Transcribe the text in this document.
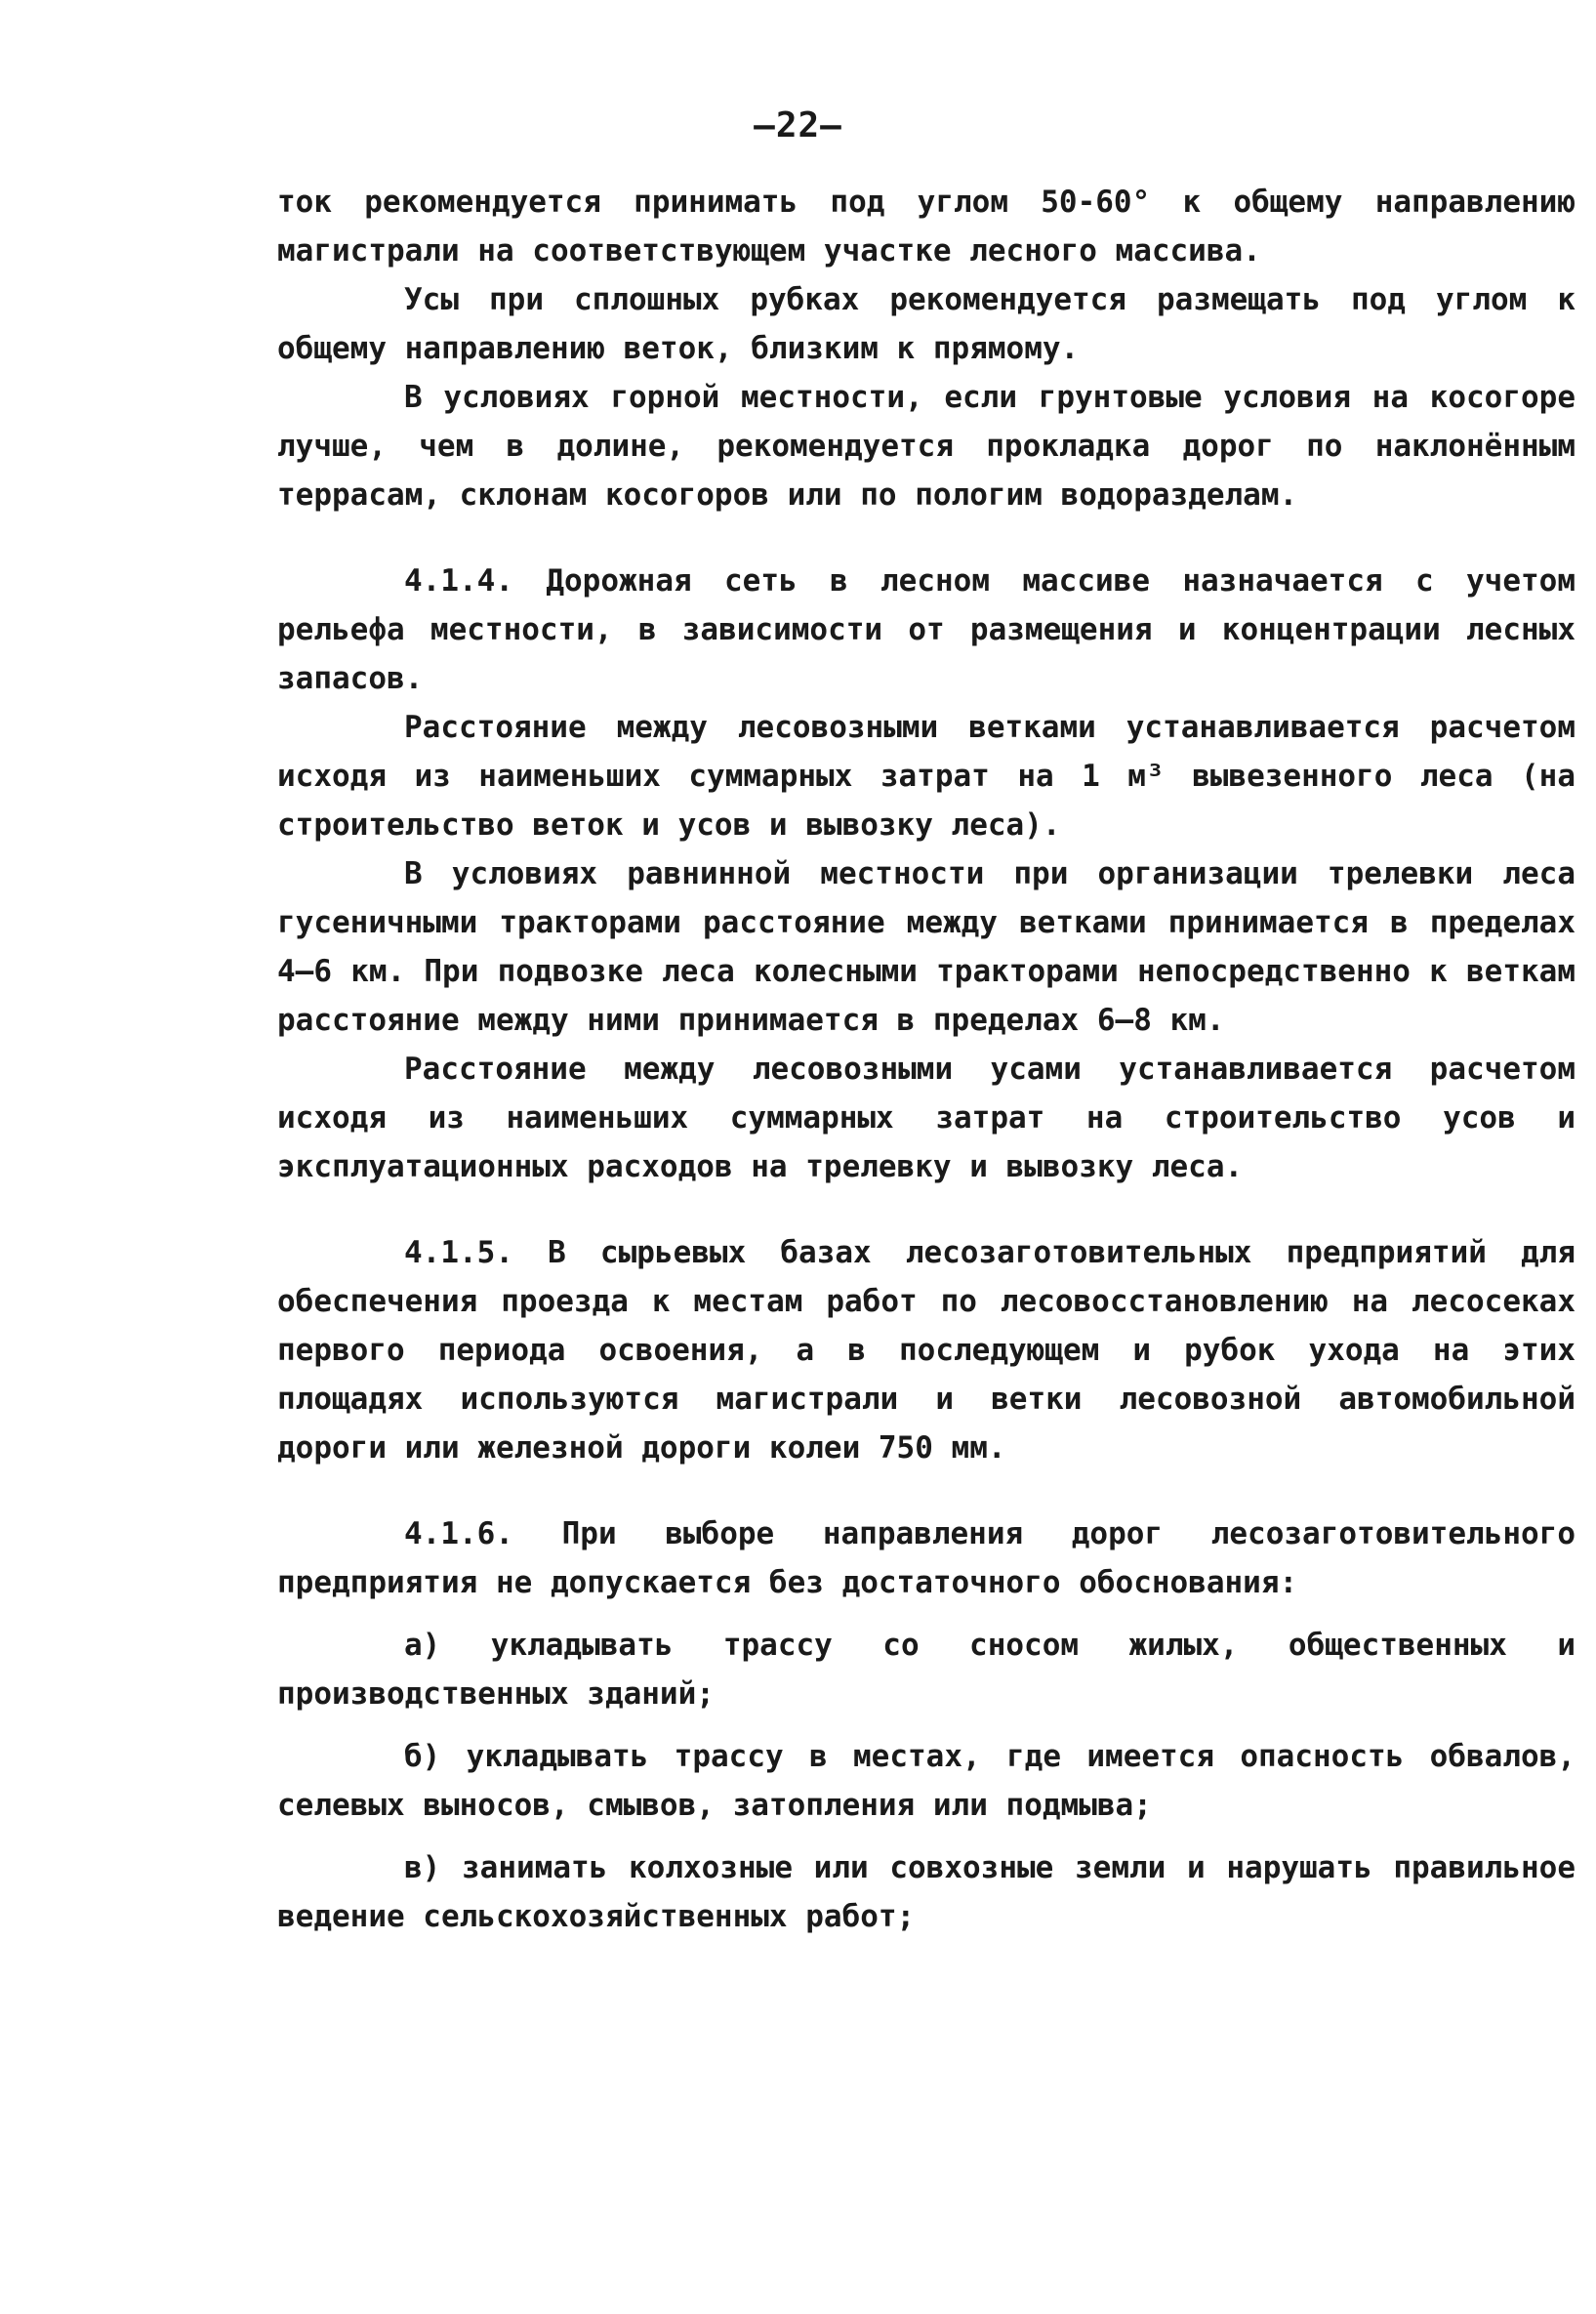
—22—

ток рекомендуется принимать под углом 50-60° к общему направлению магистрали на соответствующем участке лесного массива.

Усы при сплошных рубках рекомендуется размещать под углом к общему направлению веток, близким к прямому.

В условиях горной местности, если грунтовые условия на косогоре лучше, чем в долине, рекомендуется прокладка дорог по наклонённым террасам, склонам косогоров или по пологим водоразделам.

4.1.4. Дорожная сеть в лесном массиве назначается с учетом рельефа местности, в зависимости от размещения и концентрации лесных запасов.

Расстояние между лесовозными ветками устанавливается расчетом исходя из наименьших суммарных затрат на 1 м³ вывезенного леса (на строительство веток и усов и вывозку леса).

В условиях равнинной местности при организации трелевки леса гусеничными тракторами расстояние между ветками принимается в пределах 4–6 км. При подвозке леса колесными тракторами непосредственно к веткам расстояние между ними принимается в пределах 6–8 км.

Расстояние между лесовозными усами устанавливается расчетом исходя из наименьших суммарных затрат на строительство усов и эксплуатационных расходов на трелевку и вывозку леса.

4.1.5. В сырьевых базах лесозаготовительных предприятий для обеспечения проезда к местам работ по лесовосстановлению на лесосеках первого периода освоения, а в последующем и рубок ухода на этих площадях используются магистрали и ветки лесовозной автомобильной дороги или железной дороги колеи 750 мм.

4.1.6. При выборе направления дорог лесозаготовительного предприятия не допускается без достаточного обоснования:

а) укладывать трассу со сносом жилых, общественных и производственных зданий;

б) укладывать трассу в местах, где имеется опасность обвалов, селевых выносов, смывов, затопления или подмыва;

в) занимать колхозные или совхозные земли и нарушать правильное ведение сельскохозяйственных работ;
